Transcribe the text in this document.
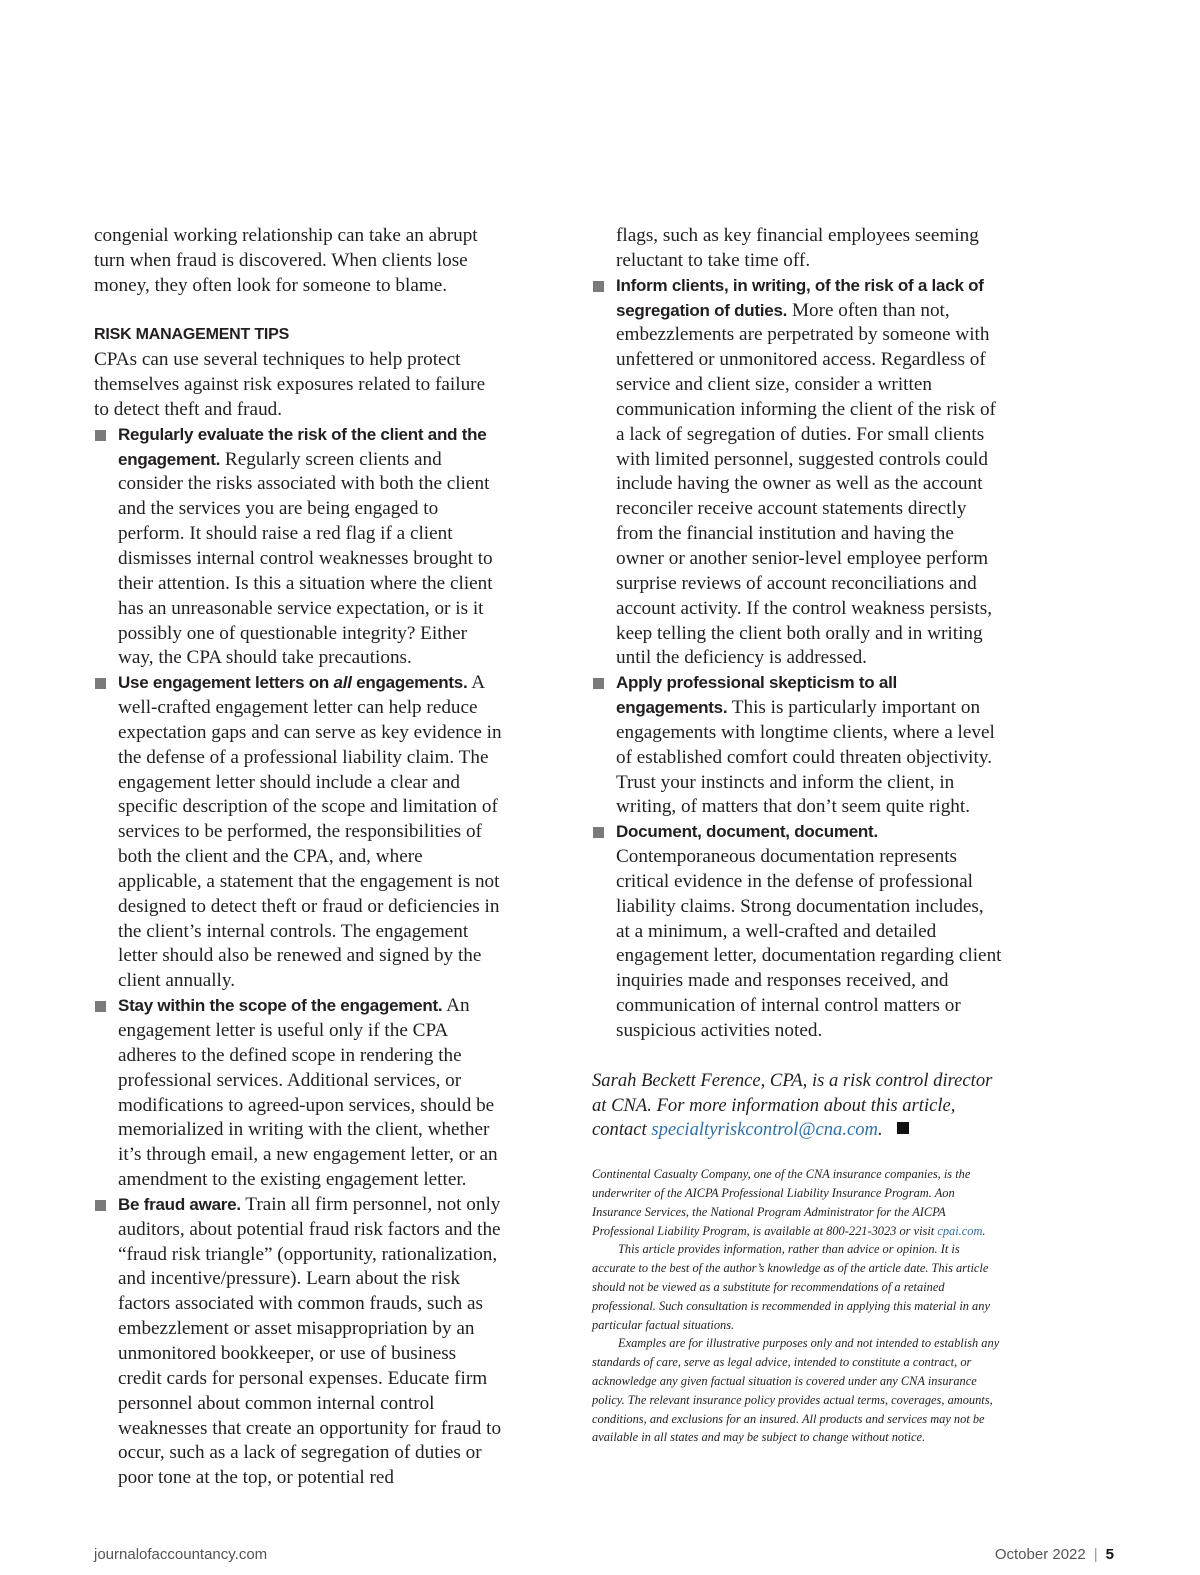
congenial working relationship can take an abrupt turn when fraud is discovered. When clients lose money, they often look for someone to blame.

RISK MANAGEMENT TIPS

CPAs can use several techniques to help protect themselves against risk exposures related to failure to detect theft and fraud.

Regularly evaluate the risk of the client and the engagement. Regularly screen clients and consider the risks associated with both the client and the services you are being engaged to perform. It should raise a red flag if a client dismisses internal control weaknesses brought to their attention. Is this a situation where the client has an unreasonable service expectation, or is it possibly one of questionable integrity? Either way, the CPA should take precautions.
Use engagement letters on all engagements. A well-crafted engagement letter can help reduce expectation gaps and can serve as key evidence in the defense of a professional liability claim. The engagement letter should include a clear and specific description of the scope and limitation of services to be performed, the responsibilities of both the client and the CPA, and, where applicable, a statement that the engagement is not designed to detect theft or fraud or deficiencies in the client’s internal controls. The engagement letter should also be renewed and signed by the client annually.
Stay within the scope of the engagement. An engagement letter is useful only if the CPA adheres to the defined scope in rendering the professional services. Additional services, or modifications to agreed-upon services, should be memorialized in writing with the client, whether it’s through email, a new engagement letter, or an amendment to the existing engagement letter.
Be fraud aware. Train all firm personnel, not only auditors, about potential fraud risk factors and the “fraud risk triangle” (opportunity, rationalization, and incentive/pressure). Learn about the risk factors associated with common frauds, such as embezzlement or asset misappropriation by an unmonitored bookkeeper, or use of business credit cards for personal expenses. Educate firm personnel about common internal control weaknesses that create an opportunity for fraud to occur, such as a lack of segregation of duties or poor tone at the top, or potential red

flags, such as key financial employees seeming reluctant to take time off.

Inform clients, in writing, of the risk of a lack of segregation of duties. More often than not, embezzlements are perpetrated by someone with unfettered or unmonitored access. Regardless of service and client size, consider a written communication informing the client of the risk of a lack of segregation of duties. For small clients with limited personnel, suggested controls could include having the owner as well as the account reconciler receive account statements directly from the financial institution and having the owner or another senior-level employee perform surprise reviews of account reconciliations and account activity. If the control weakness persists, keep telling the client both orally and in writing until the deficiency is addressed.
Apply professional skepticism to all engagements. This is particularly important on engagements with longtime clients, where a level of established comfort could threaten objectivity. Trust your instincts and inform the client, in writing, of matters that don’t seem quite right.
Document, document, document. Contemporaneous documentation represents critical evidence in the defense of professional liability claims. Strong documentation includes, at a minimum, a well-crafted and detailed engagement letter, documentation regarding client inquiries made and responses received, and communication of internal control matters or suspicious activities noted.

Sarah Beckett Ference, CPA, is a risk control director at CNA. For more information about this article, contact specialtyriskcontrol@cna.com.

Continental Casualty Company, one of the CNA insurance companies, is the underwriter of the AICPA Professional Liability Insurance Program. Aon Insurance Services, the National Program Administrator for the AICPA Professional Liability Program, is available at 800-221-3023 or visit cpai.com.

This article provides information, rather than advice or opinion. It is accurate to the best of the author’s knowledge as of the article date. This article should not be viewed as a substitute for recommendations of a retained professional. Such consultation is recommended in applying this material in any particular factual situations.

Examples are for illustrative purposes only and not intended to establish any standards of care, serve as legal advice, intended to constitute a contract, or acknowledge any given factual situation is covered under any CNA insurance policy. The relevant insurance policy provides actual terms, coverages, amounts, conditions, and exclusions for an insured. All products and services may not be available in all states and may be subject to change without notice.

journalofaccountancy.com	October 2022 | 5
